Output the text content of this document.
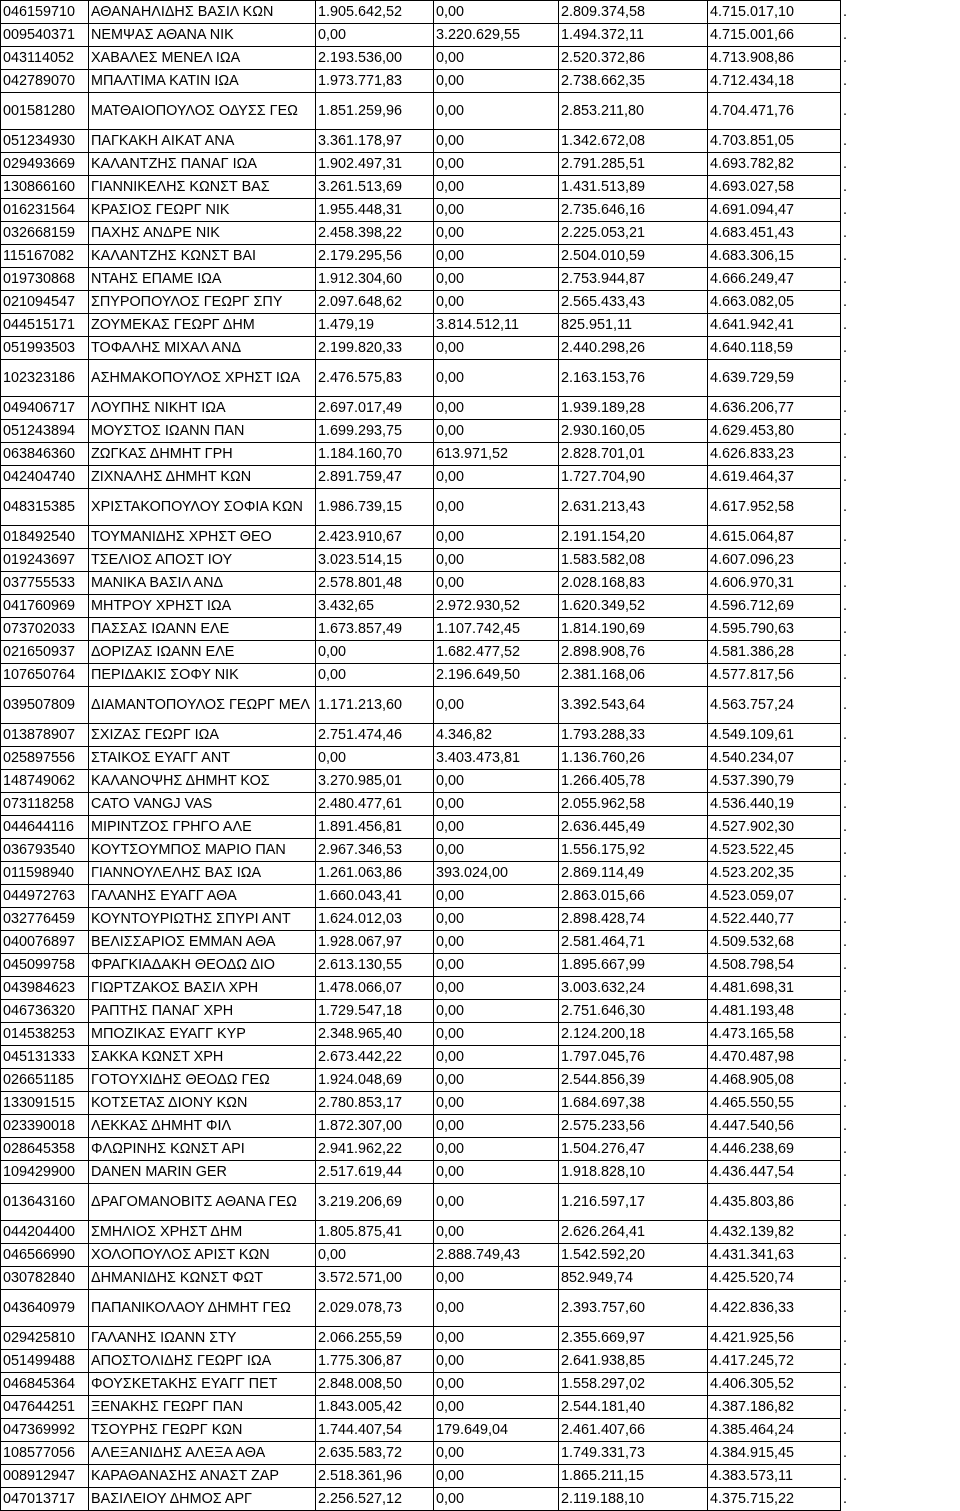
046159710	ΑΘΑΝΑΗΛΙΔΗΣ ΒΑΣΙΛ ΚΩΝ	1.905.642,52	0,00	2.809.374,58	4.715.017,10	.
009540371	ΝΕΜΨΑΣ ΑΘΑΝΑ ΝΙΚ	0,00	3.220.629,55	1.494.372,11	4.715.001,66	.
043114052	ΧΑΒΑΛΕΣ ΜΕΝΕΛ ΙΩΑ	2.193.536,00	0,00	2.520.372,86	4.713.908,86	.
042789070	ΜΠΑΛΤΙΜΑ ΚΑΤΙΝ ΙΩΑ	1.973.771,83	0,00	2.738.662,35	4.712.434,18	.
001581280	ΜΑΤΘΑΙΟΠΟΥΛΟΣ ΟΔΥΣΣ ΓΕΩ	1.851.259,96	0,00	2.853.211,80	4.704.471,76	.
051234930	ΠΑΓΚΑΚΗ ΑΙΚΑΤ ΑΝΑ	3.361.178,97	0,00	1.342.672,08	4.703.851,05	.
029493669	ΚΑΛΑΝΤΖΗΣ ΠΑΝΑΓ ΙΩΑ	1.902.497,31	0,00	2.791.285,51	4.693.782,82	.
130866160	ΓΙΑΝΝΙΚΕΛΗΣ ΚΩΝΣΤ ΒΑΣ	3.261.513,69	0,00	1.431.513,89	4.693.027,58	.
016231564	ΚΡΑΣΙΟΣ ΓΕΩΡΓ ΝΙΚ	1.955.448,31	0,00	2.735.646,16	4.691.094,47	.
032668159	ΠΑΧΗΣ ΑΝΔΡΕ ΝΙΚ	2.458.398,22	0,00	2.225.053,21	4.683.451,43	.
115167082	ΚΑΛΑΝΤΖΗΣ ΚΩΝΣΤ ΒΑΙ	2.179.295,56	0,00	2.504.010,59	4.683.306,15	.
019730868	ΝΤΑΗΣ ΕΠΑΜΕ ΙΩΑ	1.912.304,60	0,00	2.753.944,87	4.666.249,47	.
021094547	ΣΠΥΡΟΠΟΥΛΟΣ ΓΕΩΡΓ ΣΠΥ	2.097.648,62	0,00	2.565.433,43	4.663.082,05	.
044515171	ΖΟΥΜΕΚΑΣ ΓΕΩΡΓ ΔΗΜ	1.479,19	3.814.512,11	825.951,11	4.641.942,41	.
051993503	ΤΟΦΑΛΗΣ ΜΙΧΑΛ ΑΝΔ	2.199.820,33	0,00	2.440.298,26	4.640.118,59	.
102323186	ΑΣΗΜΑΚΟΠΟΥΛΟΣ ΧΡΗΣΤ ΙΩΑ	2.476.575,83	0,00	2.163.153,76	4.639.729,59	.
049406717	ΛΟΥΠΗΣ ΝΙΚΗΤ ΙΩΑ	2.697.017,49	0,00	1.939.189,28	4.636.206,77	.
051243894	ΜΟΥΣΤΟΣ ΙΩΑΝΝ ΠΑΝ	1.699.293,75	0,00	2.930.160,05	4.629.453,80	.
063846360	ΖΩΓΚΑΣ ΔΗΜΗΤ ΓΡΗ	1.184.160,70	613.971,52	2.828.701,01	4.626.833,23	.
042404740	ΖΙΧΝΑΛΗΣ ΔΗΜΗΤ ΚΩΝ	2.891.759,47	0,00	1.727.704,90	4.619.464,37	.
048315385	ΧΡΙΣΤΑΚΟΠΟΥΛΟΥ ΣΟΦΙΑ ΚΩΝ	1.986.739,15	0,00	2.631.213,43	4.617.952,58	.
018492540	ΤΟΥΜΑΝΙΔΗΣ ΧΡΗΣΤ ΘΕΟ	2.423.910,67	0,00	2.191.154,20	4.615.064,87	.
019243697	ΤΣΕΛΙΟΣ ΑΠΟΣΤ ΙΟΥ	3.023.514,15	0,00	1.583.582,08	4.607.096,23	.
037755533	ΜΑΝΙΚΑ ΒΑΣΙΛ ΑΝΔ	2.578.801,48	0,00	2.028.168,83	4.606.970,31	.
041760969	ΜΗΤΡΟΥ ΧΡΗΣΤ ΙΩΑ	3.432,65	2.972.930,52	1.620.349,52	4.596.712,69	.
073702033	ΠΑΣΣΑΣ ΙΩΑΝΝ ΕΛΕ	1.673.857,49	1.107.742,45	1.814.190,69	4.595.790,63	.
021650937	ΔΟΡΙΖΑΣ ΙΩΑΝΝ ΕΛΕ	0,00	1.682.477,52	2.898.908,76	4.581.386,28	.
107650764	ΠΕΡΙΔΑΚΙΣ ΣΟΦΥ ΝΙΚ	0,00	2.196.649,50	2.381.168,06	4.577.817,56	.
039507809	ΔΙΑΜΑΝΤΟΠΟΥΛΟΣ ΓΕΩΡΓ ΜΕΛ	1.171.213,60	0,00	3.392.543,64	4.563.757,24	.
013878907	ΣΧΙΖΑΣ ΓΕΩΡΓ ΙΩΑ	2.751.474,46	4.346,82	1.793.288,33	4.549.109,61	.
025897556	ΣΤΑΙΚΟΣ ΕΥΑΓΓ ΑΝΤ	0,00	3.403.473,81	1.136.760,26	4.540.234,07	.
148749062	ΚΑΛΑΝΟΨΗΣ ΔΗΜΗΤ ΚΟΣ	3.270.985,01	0,00	1.266.405,78	4.537.390,79	.
073118258	CATO VANGJ VAS	2.480.477,61	0,00	2.055.962,58	4.536.440,19	.
044644116	ΜΙΡΙΝΤΖΟΣ ΓΡΗΓΟ ΑΛΕ	1.891.456,81	0,00	2.636.445,49	4.527.902,30	.
036793540	ΚΟΥΤΣΟΥΜΠΟΣ ΜΑΡΙΟ ΠΑΝ	2.967.346,53	0,00	1.556.175,92	4.523.522,45	.
011598940	ΓΙΑΝΝΟΥΛΕΛΗΣ ΒΑΣ ΙΩΑ	1.261.063,86	393.024,00	2.869.114,49	4.523.202,35	.
044972763	ΓΑΛΑΝΗΣ ΕΥΑΓΓ ΑΘΑ	1.660.043,41	0,00	2.863.015,66	4.523.059,07	.
032776459	ΚΟΥΝΤΟΥΡΙΩΤΗΣ ΣΠΥΡΙ ΑΝΤ	1.624.012,03	0,00	2.898.428,74	4.522.440,77	.
040076897	ΒΕΛΙΣΣΑΡΙΟΣ ΕΜΜΑΝ ΑΘΑ	1.928.067,97	0,00	2.581.464,71	4.509.532,68	.
045099758	ΦΡΑΓΚΙΑΔΑΚΗ ΘΕΟΔΩ ΔΙΟ	2.613.130,55	0,00	1.895.667,99	4.508.798,54	.
043984623	ΓΙΩΡΤΖΑΚΟΣ ΒΑΣΙΛ ΧΡΗ	1.478.066,07	0,00	3.003.632,24	4.481.698,31	.
046736320	ΡΑΠΤΗΣ ΠΑΝΑΓ ΧΡΗ	1.729.547,18	0,00	2.751.646,30	4.481.193,48	.
014538253	ΜΠΟΖΙΚΑΣ ΕΥΑΓΓ ΚΥΡ	2.348.965,40	0,00	2.124.200,18	4.473.165,58	.
045131333	ΣΑΚΚΑ ΚΩΝΣΤ ΧΡΗ	2.673.442,22	0,00	1.797.045,76	4.470.487,98	.
026651185	ΓΟΤΟΥΧΙΔΗΣ ΘΕΟΔΩ ΓΕΩ	1.924.048,69	0,00	2.544.856,39	4.468.905,08	.
133091515	ΚΟΤΣΕΤΑΣ ΔΙΟΝΥ ΚΩΝ	2.780.853,17	0,00	1.684.697,38	4.465.550,55	.
023390018	ΛΕΚΚΑΣ ΔΗΜΗΤ ΦΙΛ	1.872.307,00	0,00	2.575.233,56	4.447.540,56	.
028645358	ΦΛΩΡΙΝΗΣ ΚΩΝΣΤ ΑΡΙ	2.941.962,22	0,00	1.504.276,47	4.446.238,69	.
109429900	DANEN MARIN GER	2.517.619,44	0,00	1.918.828,10	4.436.447,54	.
013643160	ΔΡΑΓΟΜΑΝΟΒΙΤΣ ΑΘΑΝΑ ΓΕΩ	3.219.206,69	0,00	1.216.597,17	4.435.803,86	.
044204400	ΣΜΗΛΙΟΣ ΧΡΗΣΤ ΔΗΜ	1.805.875,41	0,00	2.626.264,41	4.432.139,82	.
046566990	ΧΟΛΟΠΟΥΛΟΣ ΑΡΙΣΤ ΚΩΝ	0,00	2.888.749,43	1.542.592,20	4.431.341,63	.
030782840	ΔΗΜΑΝΙΔΗΣ ΚΩΝΣΤ ΦΩΤ	3.572.571,00	0,00	852.949,74	4.425.520,74	.
043640979	ΠΑΠΑΝΙΚΟΛΑΟΥ ΔΗΜΗΤ ΓΕΩ	2.029.078,73	0,00	2.393.757,60	4.422.836,33	.
029425810	ΓΑΛΑΝΗΣ ΙΩΑΝΝ ΣΤΥ	2.066.255,59	0,00	2.355.669,97	4.421.925,56	.
051499488	ΑΠΟΣΤΟΛΙΔΗΣ ΓΕΩΡΓ ΙΩΑ	1.775.306,87	0,00	2.641.938,85	4.417.245,72	.
046845364	ΦΟΥΣΚΕΤΑΚΗΣ ΕΥΑΓΓ ΠΕΤ	2.848.008,50	0,00	1.558.297,02	4.406.305,52	.
047644251	ΞΕΝΑΚΗΣ ΓΕΩΡΓ ΠΑΝ	1.843.005,42	0,00	2.544.181,40	4.387.186,82	.
047369992	ΤΣΟΥΡΗΣ ΓΕΩΡΓ ΚΩΝ	1.744.407,54	179.649,04	2.461.407,66	4.385.464,24	.
108577056	ΑΛΕΞΑΝΙΔΗΣ ΑΛΕΞΑ ΑΘΑ	2.635.583,72	0,00	1.749.331,73	4.384.915,45	.
008912947	ΚΑΡΑΘΑΝΑΣΗΣ ΑΝΑΣΤ ΖΑΡ	2.518.361,96	0,00	1.865.211,15	4.383.573,11	.
047013717	ΒΑΣΙΛΕΙΟΥ ΔΗΜΟΣ ΑΡΓ	2.256.527,12	0,00	2.119.188,10	4.375.715,22	.
